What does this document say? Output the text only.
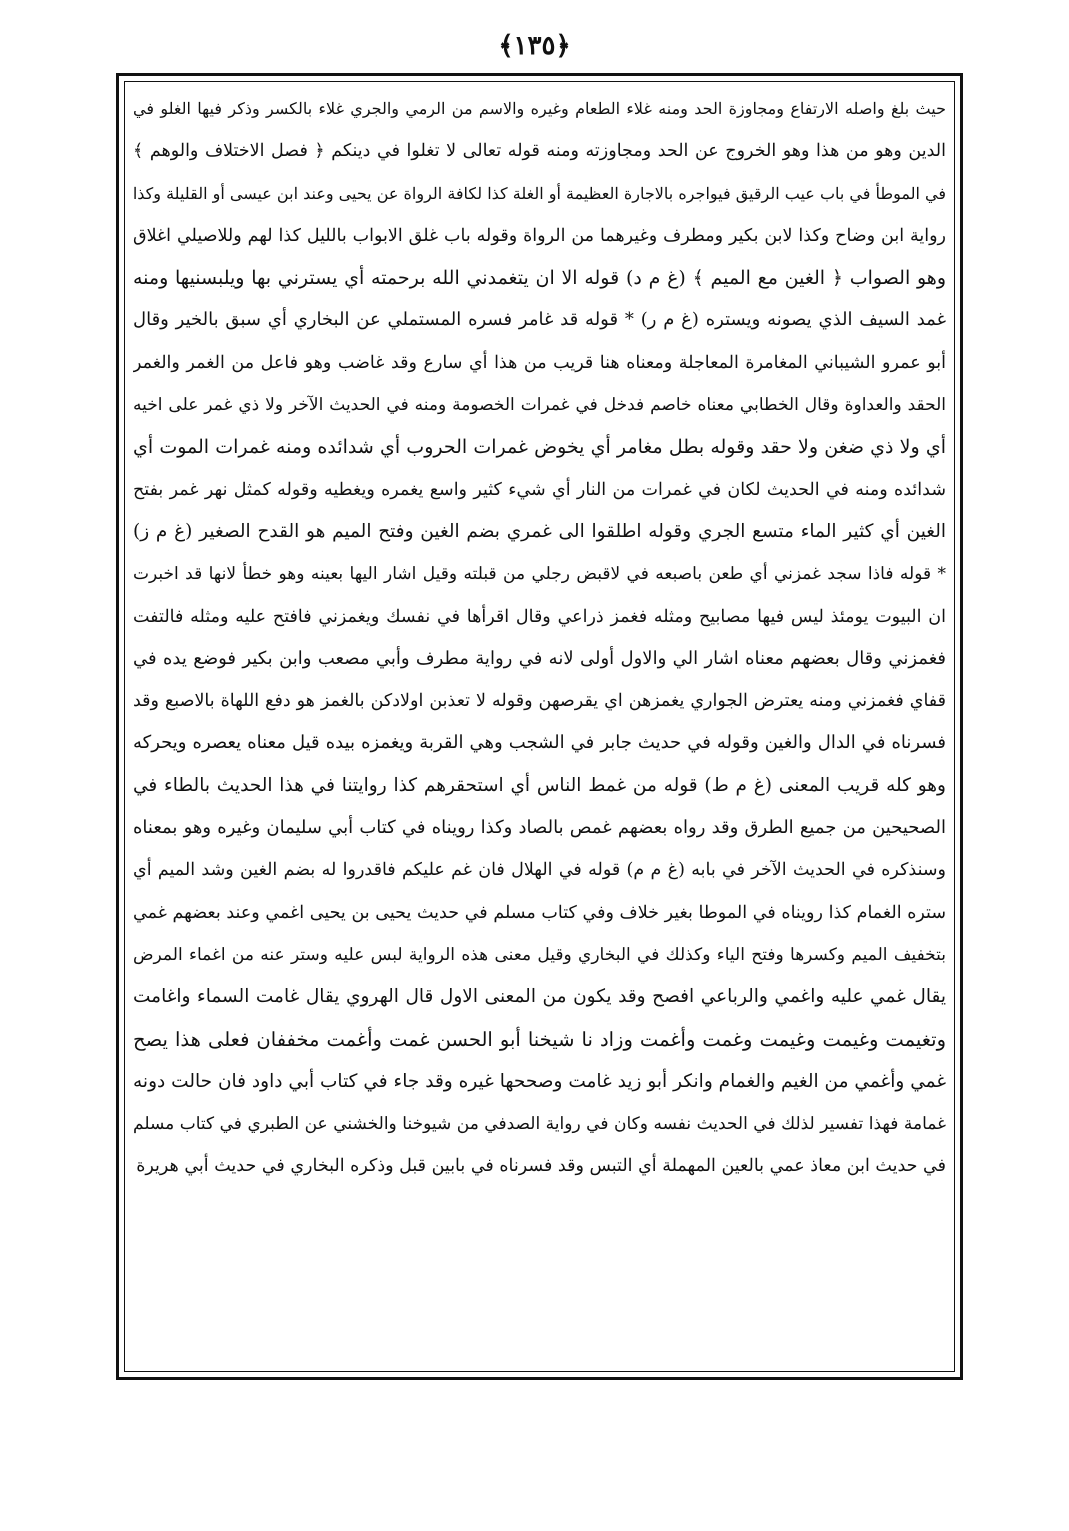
﴿١٣٥﴾
حيث بلغ واصله الارتفاع ومجاوزة الحد ومنه غلاء الطعام وغيره والاسم من الرمي والجري غلاء بالكسر وذكر فيها الغلو في
الدين وهو من هذا وهو الخروج عن الحد ومجاوزته ومنه قوله تعالى لا تغلوا في دينكم ﴿ فصل الاختلاف والوهم ﴾
في الموطأ في باب عيب الرقيق فيواجره بالاجارة العظيمة أو الغلة كذا لكافة الرواة عن يحيى وعند ابن عيسى أو القليلة وكذا
رواية ابن وضاح وكذا لابن بكير ومطرف وغيرهما من الرواة وقوله باب غلق الابواب بالليل كذا لهم وللاصيلي اغلاق
وهو الصواب ﴿ الغين مع الميم ﴾ (غ م د) قوله الا ان يتغمدني الله برحمته أي يسترني بها ويلبسنيها ومنه
غمد السيف الذي يصونه ويستره (غ م ر) * قوله قد غامر فسره المستملي عن البخاري أي سبق بالخير وقال
أبو عمرو الشيباني المغامرة المعاجلة ومعناه هنا قريب من هذا أي سارع وقد غاضب وهو فاعل من الغمر والغمر
الحقد والعداوة وقال الخطابي معناه خاصم فدخل في غمرات الخصومة ومنه في الحديث الآخر ولا ذي غمر على اخيه
أي ولا ذي ضغن ولا حقد وقوله بطل مغامر أي يخوض غمرات الحروب أي شدائده ومنه غمرات الموت أي
شدائده ومنه في الحديث لكان في غمرات من النار أي شيء كثير واسع يغمره ويغطيه وقوله كمثل نهر غمر بفتح
الغين أي كثير الماء متسع الجري وقوله اطلقوا الى غمري بضم الغين وفتح الميم هو القدح الصغير (غ م ز)
* قوله فاذا سجد غمزني أي طعن باصبعه في لاقبض رجلي من قبلته وقيل اشار اليها بعينه وهو خطأ لانها قد اخبرت
ان البيوت يومئذ ليس فيها مصابيح ومثله فغمز ذراعي وقال اقرأها في نفسك ويغمزني فافتح عليه ومثله فالتفت
فغمزني وقال بعضهم معناه اشار الي والاول أولى لانه في رواية مطرف وأبي مصعب وابن بكير فوضع يده في
قفاي فغمزني ومنه يعترض الجواري يغمزهن اي يقرصهن وقوله لا تعذبن اولادكن بالغمز هو دفع اللهاة بالاصبع وقد
فسرناه في الدال والغين وقوله في حديث جابر في الشجب وهي القربة ويغمزه بيده قيل معناه يعصره ويحركه
وهو كله قريب المعنى (غ م ط) قوله من غمط الناس أي استحقرهم كذا روايتنا في هذا الحديث بالطاء في
الصحيحين من جميع الطرق وقد رواه بعضهم غمص بالصاد وكذا رويناه في كتاب أبي سليمان وغيره وهو بمعناه
وسنذكره في الحديث الآخر في بابه (غ م م) قوله في الهلال فان غم عليكم فاقدروا له بضم الغين وشد الميم أي
ستره الغمام كذا رويناه في الموطا بغير خلاف وفي كتاب مسلم في حديث يحيى بن يحيى اغمي وعند بعضهم غمي
بتخفيف الميم وكسرها وفتح الياء وكذلك في البخاري وقيل معنى هذه الرواية لبس عليه وستر عنه من اغماء المرض
يقال غمي عليه واغمي والرباعي افصح وقد يكون من المعنى الاول قال الهروي يقال غامت السماء واغامت
وتغيمت وغيمت وغيمت وغمت وأغمت وزاد نا شيخنا أبو الحسن غمت وأغمت مخففان فعلى هذا يصح
غمي وأغمي من الغيم والغمام وانكر أبو زيد غامت وصححها غيره وقد جاء في كتاب أبي داود فان حالت دونه
غمامة فهذا تفسير لذلك في الحديث نفسه وكان في رواية الصدفي من شيوخنا والخشني عن الطبري في كتاب مسلم
في حديث ابن معاذ عمي بالعين المهملة أي التبس وقد فسرناه في بابين قبل وذكره البخاري في حديث أبي هريرة
